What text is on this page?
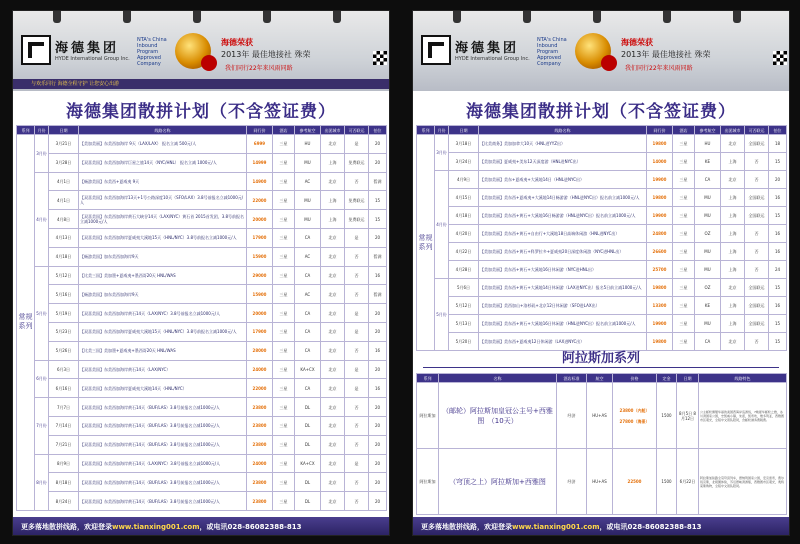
海德集团
HYDE International Group Inc.
NTA's China Inbound Program Approved Company
海德荣获
2013年 最佳地接社 殊荣
我们同行22年来风雨同路
与欢乐同行 海德全程守护 让您安心出游
海德集团散拼计划（不含签证费）
系列	月份	日期	线路名称	同行价	酒店	参考航空	出团城市	可否联运	拍位
常规系列	3月份	3月21日	【美加美丽】东美西加海岸 9天（LAX/LAX） 报名立减 500元/人	6999	三星	HU	北京	是	20
		3月28日	【双喜美国】东美西加海岸巨星之旅14天（NYC/HNL） 报名立减 1000元/人	14999	三星	MU	上海	免费联运	20
	4月份	4月1日	【畅游美国】东美西+夏威夷 9天	14900	三星	AC	北京	否	暂满
		4月1日	【双喜美国】东美西加海岸13天+1号公路深度10天（SFO/LAX）3.8号前报名立减1000元/人	22000	三星	MU	上海	免费联运	15
		4月8日	【双喜美国】东美西加海岸黄石大峡谷14天（LAX/NYC）黄石首 2015首发团，3.8号前报名立减1000元/人	20000	三星	MU	上海	免费联运	15
		4月13日	【双喜美国】东美西加海岸夏威夷大溪地15天（HNL/NYC）3.8号前报名立减1000元/人	17900	三星	CA	北京	是	20
		4月18日	【畅游美国】加东美西加海岸9天	15900	三星	AC	北京	否	暂满
	5月份	5月12日	【比美三国】美加墨+夏威夷+墨西哥20天 HNL/WAS	29000	三星	CA	北京	否	16
		5月16日	【畅游美国】加东美西加海岸9天	15900	三星	AC	北京	否	暂满
		5月19日	【双喜美国】东美西加海岸黄石14天（LAX/NYC）3.8号前报名立减1000元/人	20000	三星	CA	北京	是	20
		5月23日	【双喜美国】东美西加海岸夏威夷大溪地15天（HNL/NYC）3.8号前报名立减1000元/人	17900	三星	CA	北京	是	20
		5月26日	【比美三国】美加墨+夏威夷+墨西哥20天 HNL/WAS	28000	三星	CA	北京	否	16
	6月份	6月3日	【双喜美国】东美西加海岸黄石14天（LAX/NYC）	24000	三星	KA+CX	北京	是	20
		6月16日	【双喜美国】东美西加海岸夏威夷大溪地14天（HNL/NYC）	22000	三星	CA	北京	是	16
	7月份	7月7日	【双喜美国】东美西加海岸黄石14天（BUF/LAS）3.8号前报名立减1000元/人	23800	三星	DL	北京	否	20
		7月14日	【双喜美国】东美西加海岸黄石14天（BUF/LAS）3.8号前报名立减1000元/人	23800	三星	DL	北京	否	20
		7月21日	【双喜美国】东美西加海岸黄石14天（BUF/LAS）3.8号前报名立减1000元/人	23800	三星	DL	北京	否	20
	8月份	8月9日	【双喜美国】东美西加海岸黄石14天（LAX/NYC）3.8号前报名立减1000元/人	24000	三星	KA+CX	北京	是	20
		8月18日	【双喜美国】东美西加海岸黄石14天（BUF/LAS）3.8号前报名立减1000元/人	23800	三星	DL	北京	否	20
		8月24日	【双喜美国】东美西加海岸黄石14天（BUF/LAS）3.8号前报名立减1000元/人	23800	三星	DL	北京	否	20
更多落地散拼线路，欢迎登录www.tianxing001.com，或电讯028-86082388-813
海德集团
HYDE International Group Inc.
NTA's China Inbound Program Approved Company
海德荣获
2013年 最佳地接社 殊荣
我们同行22年来风雨同路
海德集团散拼计划（不含签证费）
系列	月份	日期	线路名称	同行价	酒店	参考航空	出团城市	可否联运	拍位
常规系列	3月份	3月18日	【比美商务】美加加拿大10天（HNL进YYZ出）	19800	三星	HU	北京	全国联运	18
		3月24日	【美加美丽】夏威夷+美东12天深度游（HNL进NYC出）	14000	三星	KE	上海	否	15
	4月份	4月9日	【美加美丽】美东+夏威夷+大溪地14日（HNL进NYC出）	19900	三星	CA	北京	否	20
		4月15日	【美加美丽】美东西+夏威夷+大溪地14日畅游游（HNL进NYC出）报名前立减1000元/人	19800	三星	MU	上海	全国联运	16
		4月18日	【美加美丽】美东西+黄石+大溪地16日畅游游（HNL进NYC出）报名前立减1000元/人	19900	三星	MU	上海	全国联运	15
		4月20日	【美加美丽】美东西+黄石+自由行+大溪地18日高端休闲游（HNL进NYC出）	24800	三星	OZ	上海	否	16
		4月22日	【美加美丽】美东西+黄石+科罗拉多+夏威夷20日深度休闲游（NYC进HNL出）	26600	三星	MU	上海	否	16
		4月28日	【美加美丽】美东西+黄石+大溪地16日休闲游（NYC进HNL出）	25700	三星	MU	上海	否	24
	5月份	5月6日	【美加美丽】美东西+黄石+大溪地14日休闲游（LAX进NYC出）报名5日前立减1000元/人	19800	三星	OZ	北京	全国联运	15
		5月12日	【美加美丽】美西加山+洛杉矶+北京12日休闲游（SFO进LAX出）	13300	三星	KE	上海	全国联运	16
		5月13日	【美加美丽】美东西+黄石+大溪地16日休闲游（HNL进NYC出）报名前立减1000元/人	19900	三星	MU	上海	全国联运	15
		5月20日	【美加美丽】美东西+夏威夷12日休闲游（LAX进NYC出）	19800	三星	CA	北京	否	15
阿拉斯加系列
系列	名称	酒店标准	航空	价格	定金	日期	线路特色
阿拉斯加	（邮轮）阿拉斯加皇冠公主号+西雅图　（10天）	经济	HU+AS	23800（内舱）
27800（海景）	1500	8月5日 8月12日	公主邮轮旗舰华丽的美国西海岸巡游线，7晚豪华邮轮之旅，冰川湾国家公园，史凯威小镇，朱诺，凯奇坎，维多利亚，西雅图市区观光，全程中文领队陪同，含邮轮港务费税费。
阿拉斯加	（穹顶之上）阿拉斯加+西雅图	经济	HU+AS	22500	1500	6月22日	阿拉斯加铁路全景穹顶列车，德纳利国家公园，安克雷奇，费尔班克斯，北极圈体验，苏厄德峡湾游船，西雅图市区观光，奥特莱斯购物，全程中文领队陪同。
更多落地散拼线路，欢迎登录www.tianxing001.com，或电讯028-86082388-813
